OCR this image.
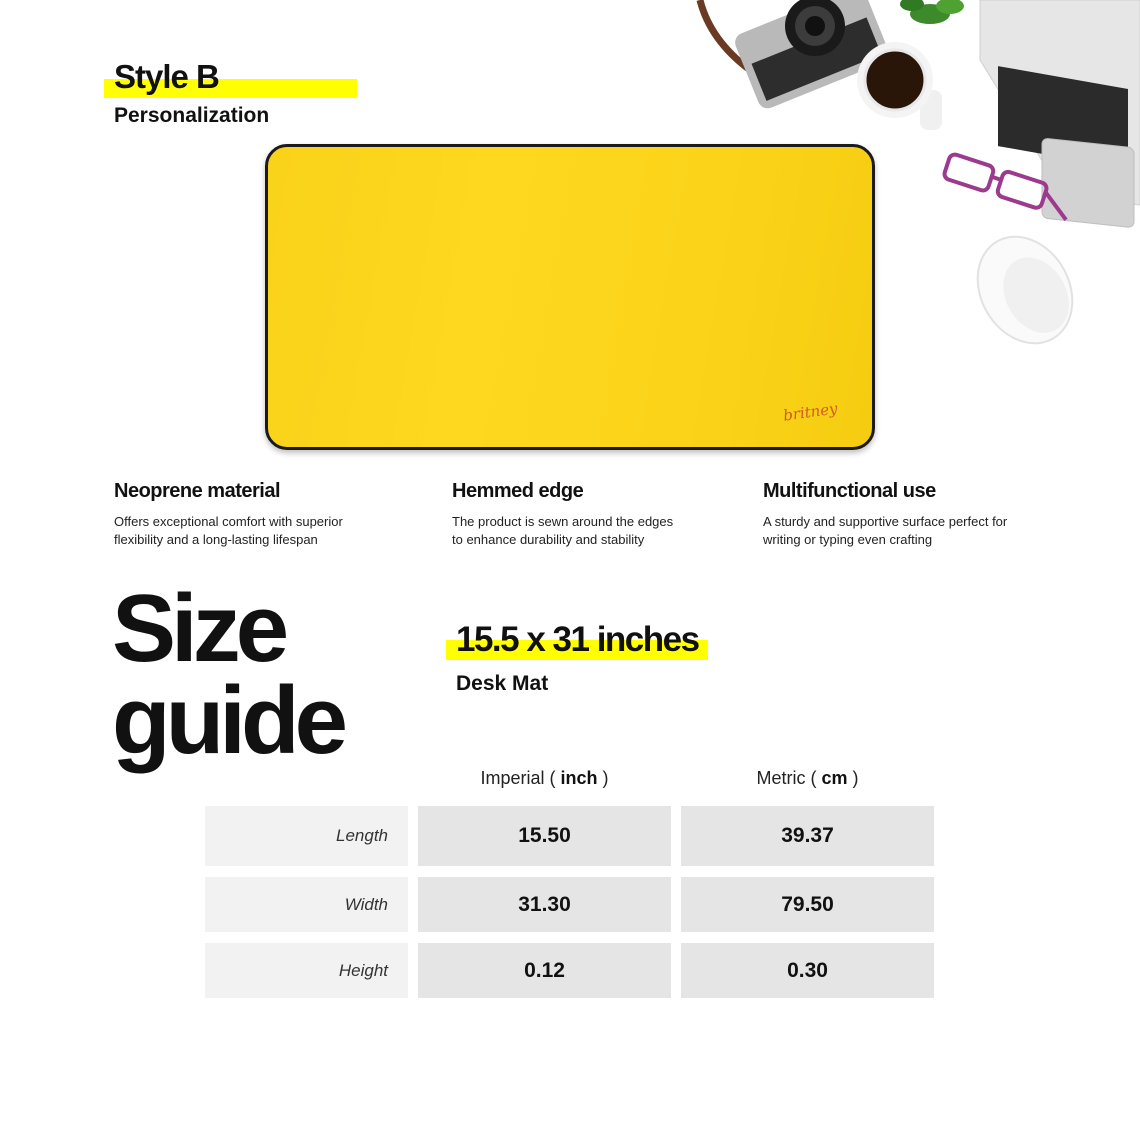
Style B
Personalization
britney
Neoprene material
Offers exceptional comfort with superior
flexibility and a long-lasting lifespan
Hemmed edge
The product is sewn around the edges
to enhance durability and stability
Multifunctional use
A sturdy and supportive surface perfect for
writing or typing even crafting
Size
guide
15.5 x 31 inches
Desk Mat
Imperial ( inch )	Metric ( cm )
Length	15.50	39.37
Width	31.30	79.50
Height	0.12	0.30
